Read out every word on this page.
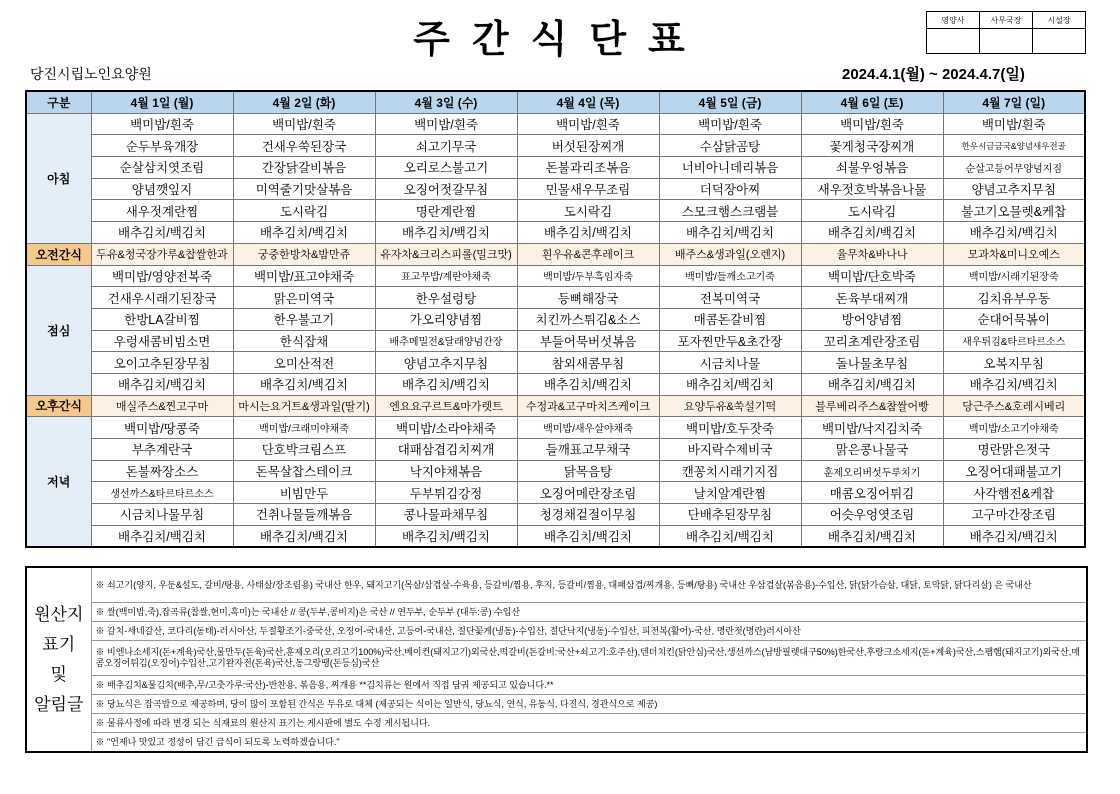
주간식단표	영양사	사무국장	시설장

당진시립노인요양원	2024.4.1(월) ~ 2024.4.7(일)
구분	4월 1일 (월)	4월 2일 (화)	4월 3일 (수)	4월 4일 (목)	4월 5일 (금)	4월 6일 (토)	4월 7일 (일)
아침	백미밥/흰죽	백미밥/흰죽	백미밥/흰죽	백미밥/흰죽	백미밥/흰죽	백미밥/흰죽	백미밥/흰죽
	순두부육개장	건새우쑥된장국	쇠고기무국	버섯된장찌개	수삼닭곰탕	꽃게청국장찌개	한우시금금국&양념새우전골
	순살삼치엿조림	간장닭갈비볶음	오리로스불고기	돈불과리조볶음	너비아니데리볶음	쇠불우엉볶음	순살고등어무양념지짐
	양념깻잎지	미역줄기맛살볶음	오징어젓갈무침	민물새우무조림	더덕장아찌	새우젓호박볶음나물	양념고추지무침
	새우젓계란찜	도시락김	명란계란찜	도시락김	스모크햄스크램블	도시락김	불고기오믈렛&케찹
	배추김치/백김치	배추김치/백김치	배추김치/백김치	배추김치/백김치	배추김치/백김치	배추김치/백김치	배추김치/백김치
오전간식	두유&청국장가루&찹쌀한과	궁중한방차&밤만쥬	유자차&크리스피롤(밀크맛)	흰우유&콘후레이크	배주스&생과일(오렌지)	율무차&바나나	모과차&미니오예스
점심	백미밥/영양전복죽	백미밥/표고야채죽	표고무밥/계란야채죽	백미밥/두부흑임자죽	백미밥/들깨소고기죽	백미밥/단호박죽	백미밥/시래기된장죽
	건새우시래기된장국	맑은미역국	한우설렁탕	등뼈해장국	전복미역국	돈육부대찌개	김치유부우동
	한방LA갈비찜	한우불고기	가오리양념찜	치킨까스튀김&소스	매콤돈갈비찜	방어양념찜	순대어묵볶이
	우렁새콤비빔소면	한식잡채	배추메밀전&달래양념간장	부들어묵버섯볶음	포자찐만두&초간장	꼬리초계란장조림	새우튀김&타르타르소스
	오이고추된장무침	오미산적전	양념고추지무침	참외새콤무침	시금치나물	돌나물초무침	오복지무침
	배추김치/백김치	배추김치/백김치	배추김치/백김치	배추김치/백김치	배추김치/백김치	배추김치/백김치	배추김치/백김치
오후간식	매실주스&찐고구마	마시는요거트&생과일(딸기)	엔요요구르트&마가렛트	수정과&고구마치즈케이크	요양두유&쑥설기떡	블루베리주스&참쌀어빵	당근주스&호레시베리
저녁	백미밥/땅콩죽	백미밥/크래미야채죽	백미밥/소라야채죽	백미밥/새우살야채죽	백미밥/호두잣죽	백미밥/낙지김치죽	백미밥/소고기야채죽
	부추계란국	단호박크림스프	대패삼겹김치찌개	들깨표고무채국	바지락수제비국	맑은콩나물국	명란맑은젓국
	돈불짜장소스	돈목살찹스테이크	낙지야채볶음	닭목음탕	캔꽁치시래기지짐	훈제오리버섯두루치기	오징어대패불고기
	생선까스&타르타르소스	비빔만두	두부튀김강정	오징어메란장조림	날치알계란찜	매콤오징어튀김	사각햄전&케찹
	시금치나물무침	건취나물들깨볶음	콩나물파채무침	청경채겉절이무침	단배추된장무침	어슷우엉엿조림	고구마간장조림
	배추김치/백김치	배추김치/백김치	배추김치/백김치	배추김치/백김치	배추김치/백김치	배추김치/백김치	배추김치/백김치
원산지
표기
및
알림글
	※ 쇠고기(양지, 우둔&설도, 갈비/탕용, 사태살/장조림용) 국내산 한우, 돼지고기(목살/삼겹살-수육용, 등갈비/찜용, 후지, 등갈비/찜용, 대패삼겹/찌개용, 등뼈/탕용) 국내산 우삼겹살(볶음용)-수입산, 닭(닭가슴살, 대닭, 토막닭, 닭다리살) 은 국내산
※ 쌀(백미밥,죽),잡곡류(찹쌀,현미,흑미)는 국내산 // 콩(두부,콩비지)은 국산 // 연두부, 순두부 (대두:콩) 수입산
※ 갈치-세네갈산, 코다리(동태)-러시아산, 두절황조기-중국산, 오징어-국내산, 고등어-국내산, 절단꽃게(냉동)-수입산, 절단낙지(냉동)-수입산, 피전복(활어)-국산, 명란젓(명란)러시아산
※ 비엔나소세지(돈+계육)국산,물만두(돈육)국산,훈제오리(오리고기100%)국산,베이컨(돼지고기)외국산,떡갈비(돈갈비:국산+쇠고기:호주산),텐더치킨(닭안심)국산,생선까스(남방필렛대구50%)한국산,후랑크소세지(돈+계육)국산,스팸햄(돼지고기)외국산,매콤오징어튀김(오징어)수입산,고기완자전(돈육)국산,동그랑땡(돈등심)국산
※ 배추김치&물김치(배추,무/고춧가루:국산)-반찬용, 볶음용, 찌개용 **김치류는 원에서 직접 담궈 제공되고 있습니다.**
※ 당뇨식은 잡곡밥으로 제공하며, 당이 많이 포함된 간식은 두유로 대체 (제공되는 식이는 일반식, 당뇨식, 연식, 유동식, 다진식, 경관식으로 제공)
※ 물류사정에 따라 변경 되는 식재료의 원산지 표기는 게시판에 별도 수정 게시됩니다.
※ "언제나 맛있고 정성이 담긴 급식이 되도록 노력하겠습니다."
